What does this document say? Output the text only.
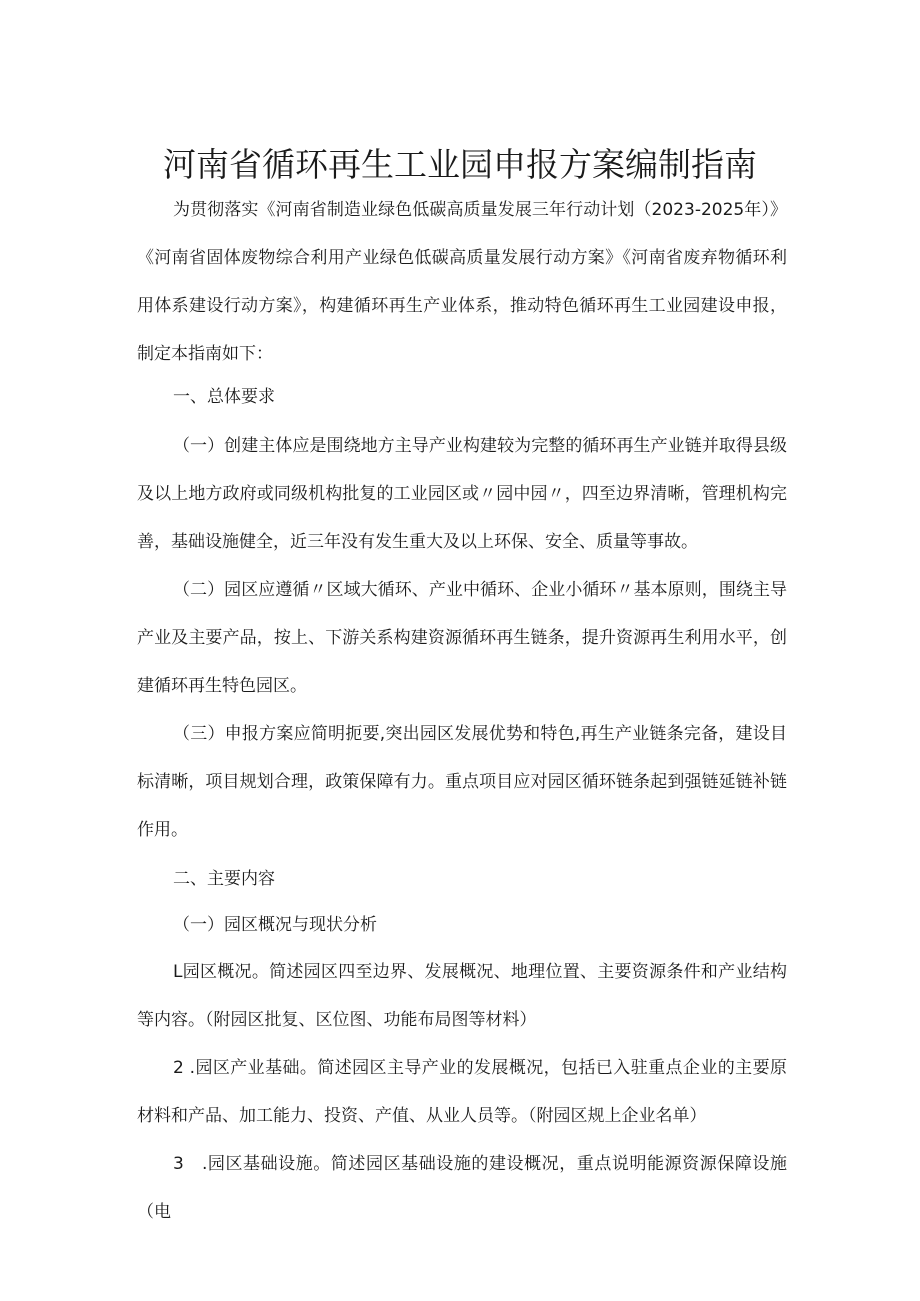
河南省循环再生工业园申报方案编制指南

为贯彻落实《河南省制造业绿色低碳高质量发展三年行动计划（2023-2025年）》《河南省固体废物综合利用产业绿色低碳高质量发展行动方案》《河南省废弃物循环利用体系建设行动方案》，构建循环再生产业体系，推动特色循环再生工业园建设申报，制定本指南如下：

一、总体要求

（一）创建主体应是围绕地方主导产业构建较为完整的循环再生产业链并取得县级及以上地方政府或同级机构批复的工业园区或〃园中园〃，四至边界清晰，管理机构完善，基础设施健全，近三年没有发生重大及以上环保、安全、质量等事故。

（二）园区应遵循〃区域大循环、产业中循环、企业小循环〃基本原则，围绕主导产业及主要产品，按上、下游关系构建资源循环再生链条，提升资源再生利用水平，创建循环再生特色园区。

（三）申报方案应简明扼要,突出园区发展优势和特色,再生产业链条完备，建设目标清晰，项目规划合理，政策保障有力。重点项目应对园区循环链条起到强链延链补链作用。

二、主要内容

（一）园区概况与现状分析

L园区概况。简述园区四至边界、发展概况、地理位置、主要资源条件和产业结构等内容。（附园区批复、区位图、功能布局图等材料）

2 .园区产业基础。简述园区主导产业的发展概况，包括已入驻重点企业的主要原材料和产品、加工能力、投资、产值、从业人员等。（附园区规上企业名单）

3　.园区基础设施。简述园区基础设施的建设概况，重点说明能源资源保障设施（电
